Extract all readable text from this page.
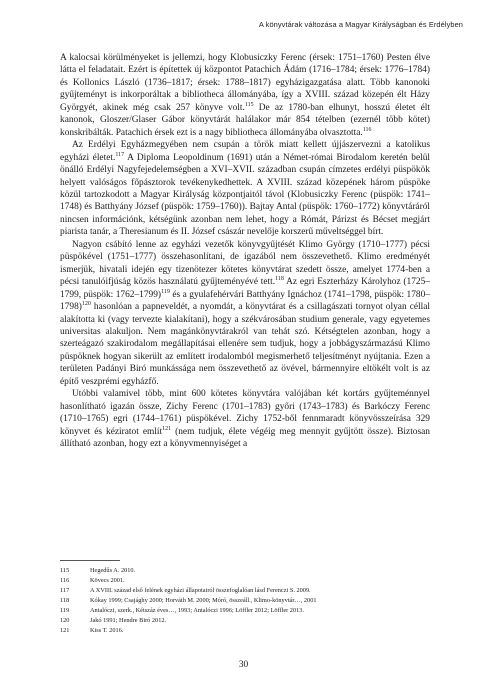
A könyvtárak változása a Magyar Királyságban és Erdélyben

A kalocsai körülményeket is jellemzi, hogy Klobusiczky Ferenc (érsek: 1751–1760) Pesten élve látta el feladatait. Ezért is építettek új központot Patachich Ádám (1716–1784; érsek: 1776–1784) és Kollonics László (1736–1817; érsek: 1788–1817) egyházigazgatása alatt. Több kanonoki gyűjteményt is inkorporáltak a bibliotheca állományába, így a XVIII. század közepén élt Házy Györgyét, akinek még csak 257 könyve volt.$^{115}$ De az 1780-ban elhunyt, hosszú életet élt kanonok, Gloszer/Glaser Gábor könyvtárát halálakor már 854 tételben (ezernél több kötet) konskribálták. Patachich érsek ezt is a nagy bibliotheca állományába olvasztotta.$^{116}$

Az Erdélyi Egyházmegyében nem csupán a török miatt kellett újjászervezni a katolikus egyházi életet.$^{117}$ A Diploma Leopoldinum (1691) után a Német-római Birodalom keretén belül önálló Erdélyi Nagyfejedelemségben a XVI–XVII. században csupán címzetes erdélyi püspökök helyett valóságos főpásztorok tevékenykedhettek. A XVIII. század közepének három püspöke közül tartozkodott a Magyar Királyság központjaitól távol (Klobusiczky Ferenc (püspök: 1741–1748) és Batthyány József (püspök: 1759–1760)). Bajtay Antal (püspök: 1760–1772) könyvtáráról nincsen információnk, kétségünk azonban nem lehet, hogy a Rómát, Párizst és Bécset megjárt piarista tanár, a Theresianum és II. József császár nevelője korszerű műveltséggel bírt.

Nagyon csábító lenne az egyházi vezetők könyvgyűjtését Klimo György (1710–1777) pécsi püspökével (1751–1777) összehasonlítani, de igazából nem összevethető. Klimo eredményét ismerjük, hivatali idején egy tizenötezer kötetes könyvtárat szedett össze, amelyet 1774-ben a pécsi tanulóifjúság közös használatú gyűjteményévé tett.$^{118}$ Az egri Eszterházy Károlyhoz (1725–1799, püspök: 1762–1799)$^{119}$ és a gyulafehérvári Batthyány Ignáchoz (1741–1798, püspök: 1780–1798)$^{120}$ hasonlóan a papneveldét, a nyomdát, a könyvtárat és a csillagászati tornyot olyan céllal alakította ki (vagy tervezte kialakítani), hogy a székvárosában studium generale, vagy egyetemes universitas alakuljon. Nem magánkönyvtárakról van tehát szó. Kétségtelen azonban, hogy a szerteágazó szakirodalom megállapításai ellenére sem tudjuk, hogy a jobbágyszármazású Klimo püspöknek hogyan sikerült az említett irodalomból megismerhető teljesítményt nyújtania. Ezen a területen Padányi Biró munkássága nem összevethető az övével, bármennyire eltökélt volt is az építő veszprémi egyházfő.

Utóbbi valamivel több, mint 600 kötetes könyvtára valójában két kortárs gyűjteménnyel hasonlítható igazán össze, Zichy Ferenc (1701–1783) győri (1743–1783) és Barkóczy Ferenc (1710–1765) egri (1744–1761) püspökével. Zichy 1752-ből fennmaradt könyvösszeírása 329 könyvet és kéziratot említ$^{121}$ (nem tudjuk, élete végéig meg mennyit gyűjtött össze). Biztosan állítható azonban, hogy ezt a könyvmennyiséget a

115	Hegedűs A. 2010.
116	Kövecs 2001.
117	A XVIII. század első felének egyházi állapotairól összefoglalóan lásd Ferenczi S. 2009.
118	Kókay 1999; Csajághy 2000; Horváth M. 2000; Móró, összeáll., Klimo-könyvtár…, 2001
119	Antalóczi, szerk., Kétszáz éves…, 1993; Antalóczi 1996; Löffler 2012; Löffler 2013.
120	Jakó 1991; Hendre Biró 2012.
121	Kiss T. 2016.
30
